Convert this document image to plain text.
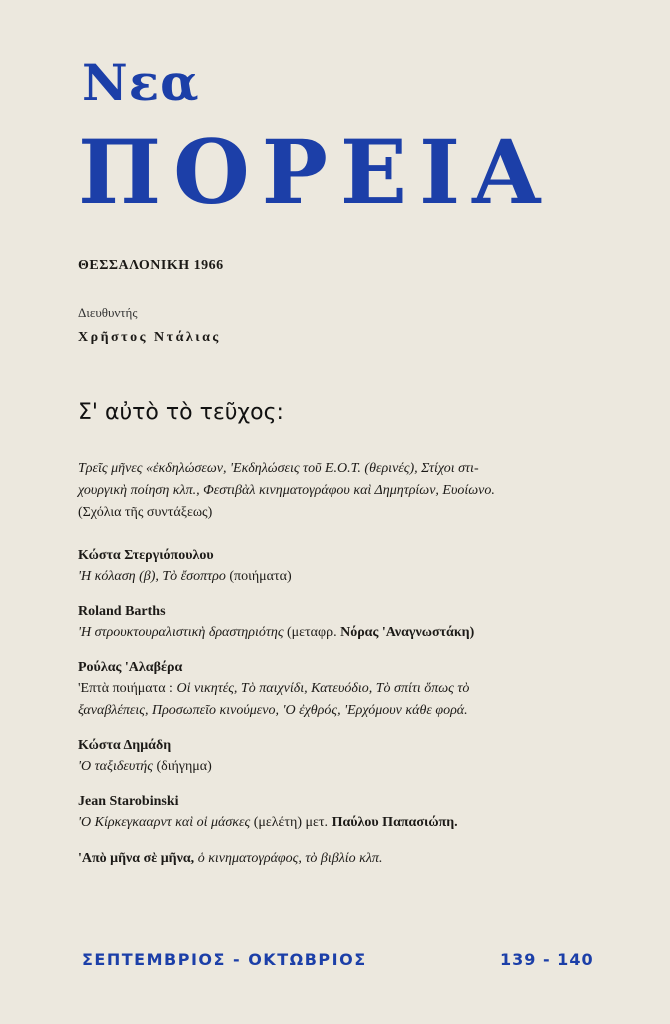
Νεα
ΠΟΡΕΙΑ
ΘΕΣΣΑΛΟΝΙΚΗ 1966
Διευθυντής
Χρῆστος Ντάλιας
Σ' αὐτὸ τὸ τεῦχος:
Τρεῖς μῆνες «ἐκδηλώσεων, 'Εκδηλώσεις τοῦ Ε.Ο.Τ. (θερινές), Στίχοι στι-
χουργικὴ ποίηση κλπ., Φεστιβὰλ κινηματογράφου καὶ Δημητρίων, Ευοίωνο.
(Σχόλια τῆς συντάξεως)
Κώστα Στεργιόπουλου
'Η κόλαση (β), Τὸ ἔσοπτρο (ποιήματα)
Roland Barths
'Η στρουκτουραλιστικὴ δραστηριότης (μεταφρ. Νόρας 'Αναγνωστάκη)
Ρούλας 'Αλαβέρα
'Επτὰ ποιήματα : Οἱ νικητές, Τὸ παιχνίδι, Κατευόδιο, Τὸ σπίτι ὅπως τὸ
ξαναβλέπεις, Προσωπεῖο κινούμενο, 'Ο ἐχθρός, 'Ερχόμουν κάθε φορά.
Κώστα Δημάδη
'Ο ταξιδευτής (διήγημα)
Jean Starobinski
'Ο Κίρκεγκααρντ καὶ οἱ μάσκες (μελέτη) μετ. Παύλου Παπασιώπη.
'Απὸ μῆνα σὲ μῆνα, ὁ κινηματογράφος, τὸ βιβλίο κλπ.
ΣΕΠΤΕΜΒΡΙΟΣ - ΟΚΤΩΒΡΙΟΣ	139 - 140
